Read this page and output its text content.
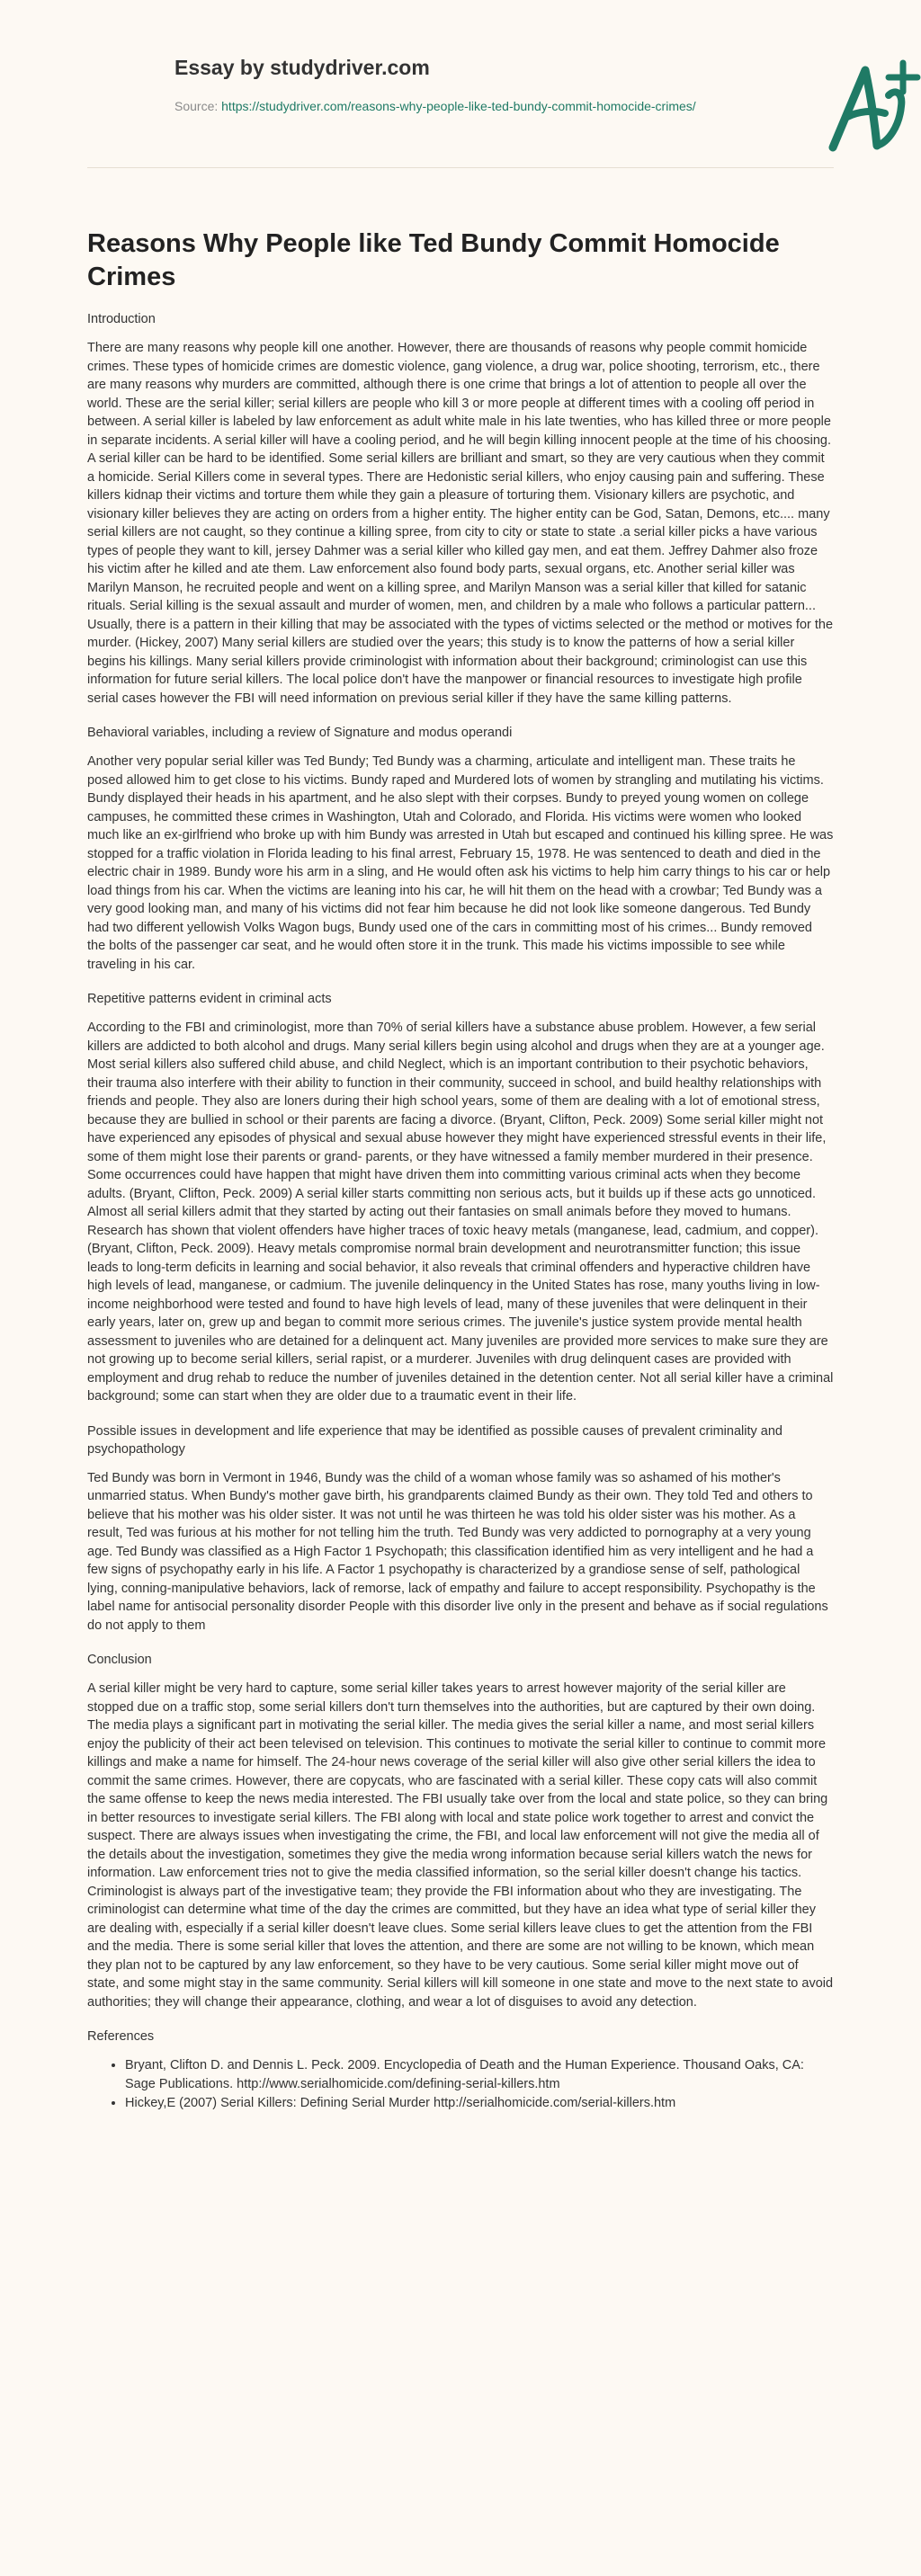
Essay by studydriver.com
Source: https://studydriver.com/reasons-why-people-like-ted-bundy-commit-homocide-crimes/
Reasons Why People like Ted Bundy Commit Homocide Crimes
Introduction

There are many reasons why people kill one another. However, there are thousands of reasons why people commit homicide crimes. These types of homicide crimes are domestic violence, gang violence, a drug war, police shooting, terrorism, etc., there are many reasons why murders are committed, although there is one crime that brings a lot of attention to people all over the world. These are the serial killer; serial killers are people who kill 3 or more people at different times with a cooling off period in between. A serial killer is labeled by law enforcement as adult white male in his late twenties, who has killed three or more people in separate incidents. A serial killer will have a cooling period, and he will begin killing innocent people at the time of his choosing. A serial killer can be hard to be identified. Some serial killers are brilliant and smart, so they are very cautious when they commit a homicide. Serial Killers come in several types. There are Hedonistic serial killers, who enjoy causing pain and suffering. These killers kidnap their victims and torture them while they gain a pleasure of torturing them. Visionary killers are psychotic, and visionary killer believes they are acting on orders from a higher entity. The higher entity can be God, Satan, Demons, etc.... many serial killers are not caught, so they continue a killing spree, from city to city or state to state .a serial killer picks a have various types of people they want to kill, jersey Dahmer was a serial killer who killed gay men, and eat them. Jeffrey Dahmer also froze his victim after he killed and ate them. Law enforcement also found body parts, sexual organs, etc. Another serial killer was Marilyn Manson, he recruited people and went on a killing spree, and Marilyn Manson was a serial killer that killed for satanic rituals. Serial killing is the sexual assault and murder of women, men, and children by a male who follows a particular pattern... Usually, there is a pattern in their killing that may be associated with the types of victims selected or the method or motives for the murder. (Hickey, 2007) Many serial killers are studied over the years; this study is to know the patterns of how a serial killer begins his killings. Many serial killers provide criminologist with information about their background; criminologist can use this information for future serial killers. The local police don't have the manpower or financial resources to investigate high profile serial cases however the FBI will need information on previous serial killer if they have the same killing patterns.

Behavioral variables, including a review of Signature and modus operandi

Another very popular serial killer was Ted Bundy; Ted Bundy was a charming, articulate and intelligent man. These traits he posed allowed him to get close to his victims. Bundy raped and Murdered lots of women by strangling and mutilating his victims. Bundy displayed their heads in his apartment, and he also slept with their corpses. Bundy to preyed young women on college campuses, he committed these crimes in Washington, Utah and Colorado, and Florida. His victims were women who looked much like an ex-girlfriend who broke up with him Bundy was arrested in Utah but escaped and continued his killing spree. He was stopped for a traffic violation in Florida leading to his final arrest, February 15, 1978. He was sentenced to death and died in the electric chair in 1989. Bundy wore his arm in a sling, and He would often ask his victims to help him carry things to his car or help load things from his car. When the victims are leaning into his car, he will hit them on the head with a crowbar; Ted Bundy was a very good looking man, and many of his victims did not fear him because he did not look like someone dangerous. Ted Bundy had two different yellowish Volks Wagon bugs, Bundy used one of the cars in committing most of his crimes... Bundy removed the bolts of the passenger car seat, and he would often store it in the trunk. This made his victims impossible to see while traveling in his car.

Repetitive patterns evident in criminal acts

According to the FBI and criminologist, more than 70% of serial killers have a substance abuse problem. However, a few serial killers are addicted to both alcohol and drugs. Many serial killers begin using alcohol and drugs when they are at a younger age. Most serial killers also suffered child abuse, and child Neglect, which is an important contribution to their psychotic behaviors, their trauma also interfere with their ability to function in their community, succeed in school, and build healthy relationships with friends and people. They also are loners during their high school years, some of them are dealing with a lot of emotional stress, because they are bullied in school or their parents are facing a divorce. (Bryant, Clifton, Peck. 2009) Some serial killer might not have experienced any episodes of physical and sexual abuse however they might have experienced stressful events in their life, some of them might lose their parents or grand- parents, or they have witnessed a family member murdered in their presence. Some occurrences could have happen that might have driven them into committing various criminal acts when they become adults. (Bryant, Clifton, Peck. 2009) A serial killer starts committing non serious acts, but it builds up if these acts go unnoticed. Almost all serial killers admit that they started by acting out their fantasies on small animals before they moved to humans. Research has shown that violent offenders have higher traces of toxic heavy metals (manganese, lead, cadmium, and copper). (Bryant, Clifton, Peck. 2009). Heavy metals compromise normal brain development and neurotransmitter function; this issue leads to long-term deficits in learning and social behavior, it also reveals that criminal offenders and hyperactive children have high levels of lead, manganese, or cadmium. The juvenile delinquency in the United States has rose, many youths living in low-income neighborhood were tested and found to have high levels of lead, many of these juveniles that were delinquent in their early years, later on, grew up and began to commit more serious crimes. The juvenile's justice system provide mental health assessment to juveniles who are detained for a delinquent act. Many juveniles are provided more services to make sure they are not growing up to become serial killers, serial rapist, or a murderer. Juveniles with drug delinquent cases are provided with employment and drug rehab to reduce the number of juveniles detained in the detention center. Not all serial killer have a criminal background; some can start when they are older due to a traumatic event in their life.

Possible issues in development and life experience that may be identified as possible causes of prevalent criminality and psychopathology

Ted Bundy was born in Vermont in 1946, Bundy was the child of a woman whose family was so ashamed of his mother's unmarried status. When Bundy's mother gave birth, his grandparents claimed Bundy as their own. They told Ted and others to believe that his mother was his older sister. It was not until he was thirteen he was told his older sister was his mother. As a result, Ted was furious at his mother for not telling him the truth. Ted Bundy was very addicted to pornography at a very young age. Ted Bundy was classified as a High Factor 1 Psychopath; this classification identified him as very intelligent and he had a few signs of psychopathy early in his life. A Factor 1 psychopathy is characterized by a grandiose sense of self, pathological lying, conning-manipulative behaviors, lack of remorse, lack of empathy and failure to accept responsibility. Psychopathy is the label name for antisocial personality disorder People with this disorder live only in the present and behave as if social regulations do not apply to them

Conclusion

A serial killer might be very hard to capture, some serial killer takes years to arrest however majority of the serial killer are stopped due on a traffic stop, some serial killers don't turn themselves into the authorities, but are captured by their own doing. The media plays a significant part in motivating the serial killer. The media gives the serial killer a name, and most serial killers enjoy the publicity of their act been televised on television. This continues to motivate the serial killer to continue to commit more killings and make a name for himself. The 24-hour news coverage of the serial killer will also give other serial killers the idea to commit the same crimes. However, there are copycats, who are fascinated with a serial killer. These copy cats will also commit the same offense to keep the news media interested. The FBI usually take over from the local and state police, so they can bring in better resources to investigate serial killers. The FBI along with local and state police work together to arrest and convict the suspect. There are always issues when investigating the crime, the FBI, and local law enforcement will not give the media all of the details about the investigation, sometimes they give the media wrong information because serial killers watch the news for information. Law enforcement tries not to give the media classified information, so the serial killer doesn't change his tactics. Criminologist is always part of the investigative team; they provide the FBI information about who they are investigating. The criminologist can determine what time of the day the crimes are committed, but they have an idea what type of serial killer they are dealing with, especially if a serial killer doesn't leave clues. Some serial killers leave clues to get the attention from the FBI and the media. There is some serial killer that loves the attention, and there are some are not willing to be known, which mean they plan not to be captured by any law enforcement, so they have to be very cautious. Some serial killer might move out of state, and some might stay in the same community. Serial killers will kill someone in one state and move to the next state to avoid authorities; they will change their appearance, clothing, and wear a lot of disguises to avoid any detection.

References
• Bryant, Clifton D. and Dennis L. Peck. 2009. Encyclopedia of Death and the Human Experience. Thousand Oaks, CA: Sage Publications. http://www.serialhomicide.com/defining-serial-killers.htm
• Hickey,E (2007) Serial Killers: Defining Serial Murder http://serialhomicide.com/serial-killers.htm
